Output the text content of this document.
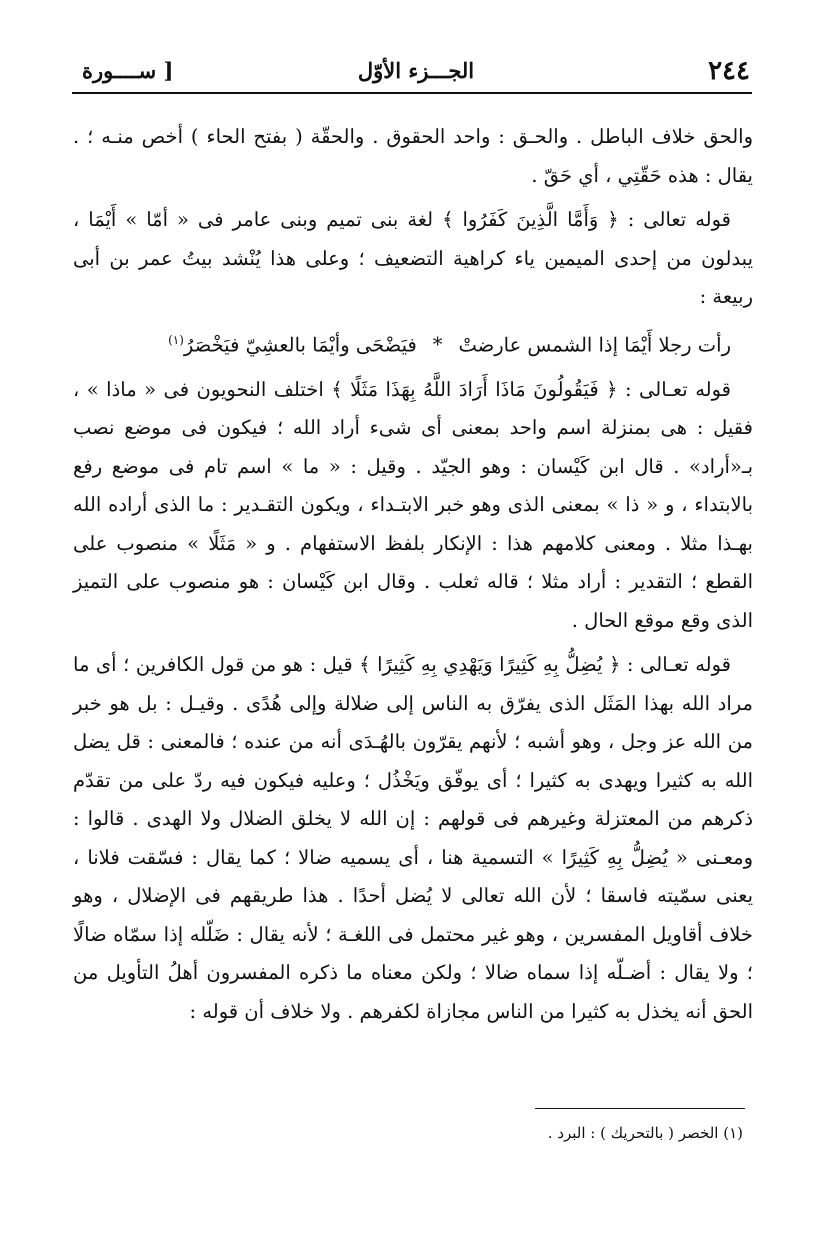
٢٤٤
الجـــزء الأوّل
[ ســــورة

والحق خلاف الباطل . والحـق : واحد الحقوق . والحقّة ( بفتح الحاء ) أخص منـه ؛ . يقال : هذه حَقّتِي ، أي حَقّ .

قوله تعالى : ﴿ وَأَمَّا الَّذِينَ كَفَرُوا ﴾ لغة بنى تميم وبنى عامر فى « أمّا » أَيْمَا ، يبدلون من إحدى الميمين ياء كراهية التضعيف ؛ وعلى هذا يُنْشد بيتُ عمر بن أبى ربيعة :

رأت رجلا أَيْمَا إذا الشمس عارضتْ*فيَضْحَى وأيْمَا بالعشِيّ فيَخْصَرُ$^{(١)}$

قوله تعـالى : ﴿ فَيَقُولُونَ مَاذَا أَرَادَ اللَّهُ بِهَذَا مَثَلًا ﴾ اختلف النحويون فى « ماذا » ، فقيل : هى بمنزلة اسم واحد بمعنى أى شىء أراد الله ؛ فيكون فى موضع نصب بـ«أراد» . قال ابن كَيْسان : وهو الجيّد . وقيل : « ما » اسم تام فى موضع رفع بالابتداء ، و « ذا » بمعنى الذى وهو خبر الابتـداء ، ويكون التقـدير : ما الذى أراده الله بهـذا مثلا . ومعنى كلامهم هذا : الإنكار بلفظ الاستفهام . و « مَثَلًا » منصوب على القطع ؛ التقدير : أراد مثلا ؛ قاله ثعلب . وقال ابن كَيْسان : هو منصوب على التميز الذى وقع موقع الحال .

قوله تعـالى : ﴿ يُضِلُّ بِهِ كَثِيرًا وَيَهْدِي بِهِ كَثِيرًا ﴾ قيل : هو من قول الكافرين ؛ أى ما مراد الله بهذا المَثَل الذى يفرّق به الناس إلى ضلالة وإلى هُدًى . وقيـل : بل هو خبر من الله عز وجل ، وهو أشبه ؛ لأنهم يقرّون بالهُـدَى أنه من عنده ؛ فالمعنى : قل يضل الله به كثيرا ويهدى به كثيرا ؛ أى يوفّق ويَخْذُل ؛ وعليه فيكون فيه ردّ على من تقدّم ذكرهم من المعتزلة وغيرهم فى قولهم : إن الله لا يخلق الضلال ولا الهدى . قالوا : ومعـنى « يُضِلُّ بِهِ كَثِيرًا » التسمية هنا ، أى يسميه ضالا ؛ كما يقال : فسّقت فلانا ، يعنى سمّيته فاسقا ؛ لأن الله تعالى لا يُضل أحدًا . هذا طريقهم فى الإضلال ، وهو خلاف أقاويل المفسرين ، وهو غير محتمل فى اللغـة ؛ لأنه يقال : ضَلّله إذا سمّاه ضالًا ؛ ولا يقال : أضـلّه إذا سماه ضالا ؛ ولكن معناه ما ذكره المفسرون أهلُ التأويل من الحق أنه يخذل به كثيرا من الناس مجازاة لكفرهم . ولا خلاف أن قوله :

(١) الخصر ( بالتحريك ) : البرد .
